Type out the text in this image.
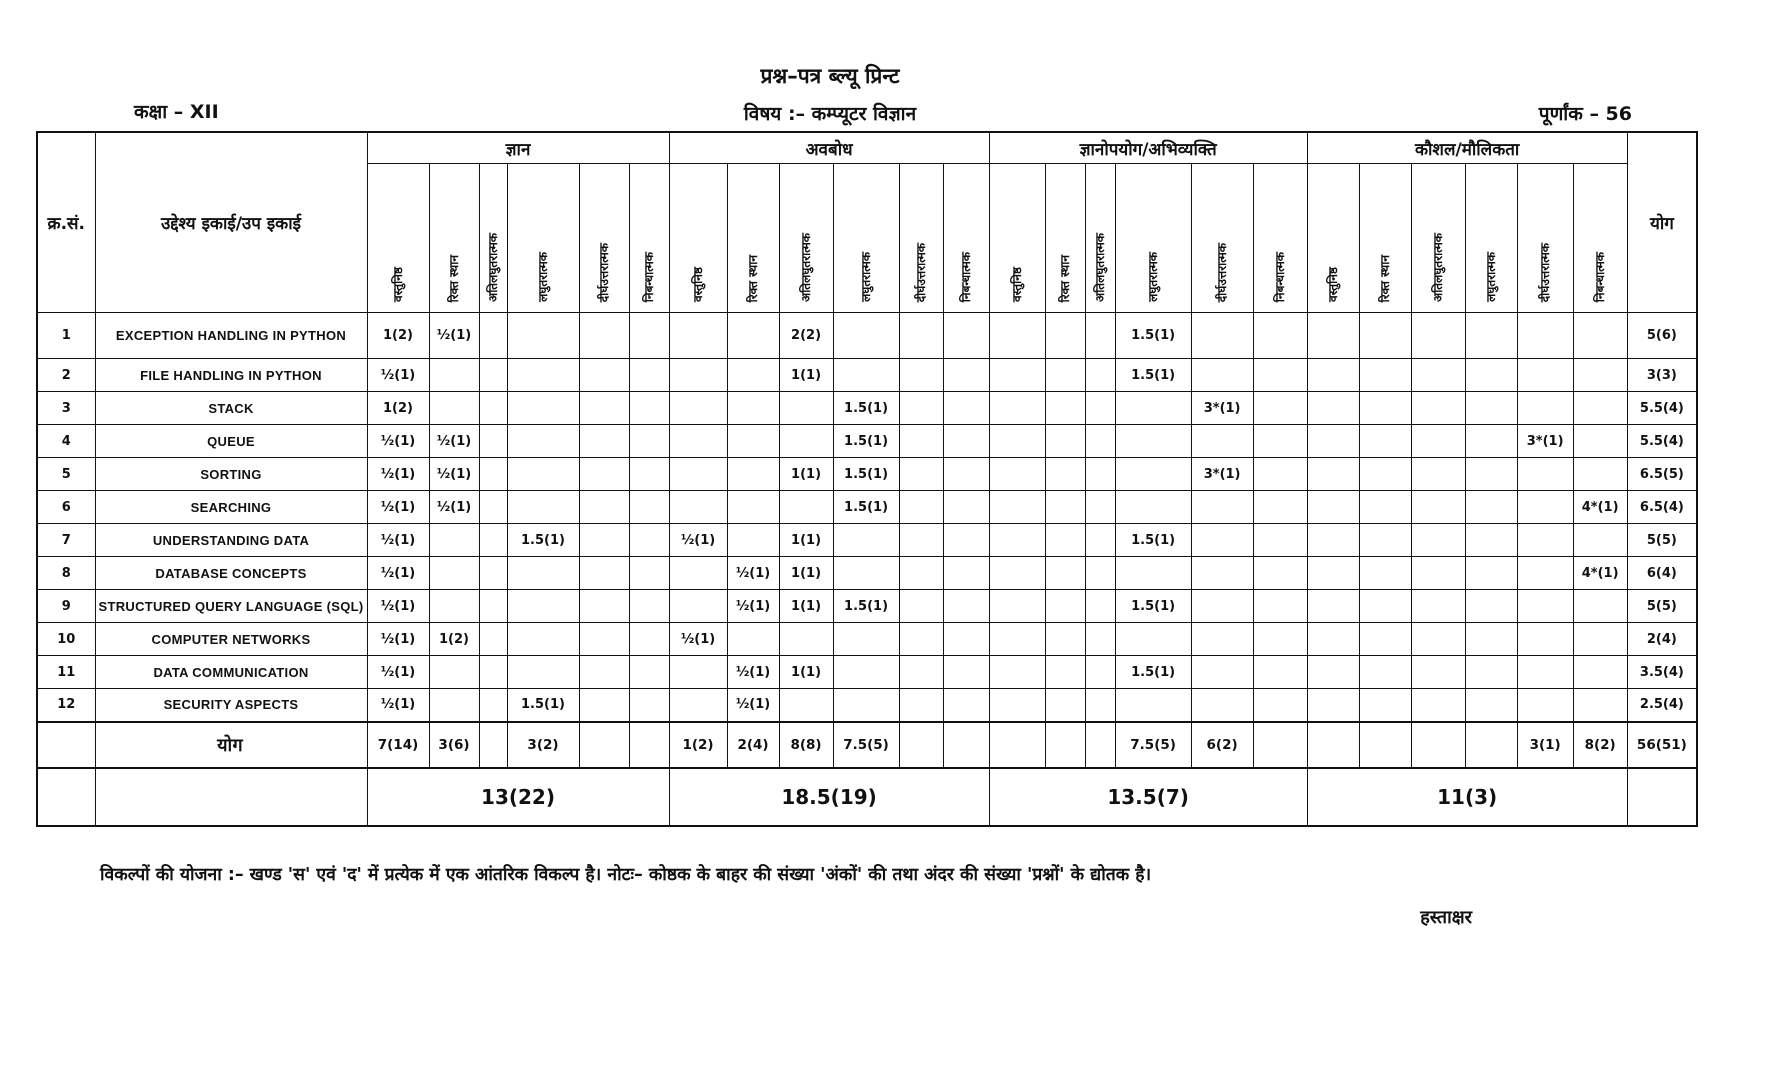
प्रश्न–पत्र ब्ल्यू प्रिन्ट
कक्षा – XII	विषय :– कम्प्यूटर विज्ञान	पूर्णांक – 56
क्र.सं.	उद्देश्य इकाई/उप इकाई	ज्ञान						अवबोध						ज्ञानोपयोग/अभिव्यक्ति						कौशल/मौलिकता						योग
		वस्तुनिष्ठ	रिक्त स्थान	अतिलघुतरात्मक	लघुतरात्मक	दीर्घउत्तरात्मक	निबन्धात्मक	वस्तुनिष्ठ	रिक्त स्थान	अतिलघुतरात्मक	लघुतरात्मक	दीर्घउत्तरात्मक	निबन्धात्मक	वस्तुनिष्ठ	रिक्त स्थान	अतिलघुतरात्मक	लघुतरात्मक	दीर्घउत्तरात्मक	निबन्धात्मक	वस्तुनिष्ठ	रिक्त स्थान	अतिलघुतरात्मक	लघुतरात्मक	दीर्घउत्तरात्मक	निबन्धात्मक	
1	EXCEPTION HANDLING IN PYTHON	1(2)	½(1)							2(2)							1.5(1)									5(6)
2	FILE HANDLING IN PYTHON	½(1)								1(1)							1.5(1)									3(3)
3	STACK	1(2)									1.5(1)							3*(1)								5.5(4)
4	QUEUE	½(1)	½(1)								1.5(1)													3*(1)		5.5(4)
5	SORTING	½(1)	½(1)							1(1)	1.5(1)							3*(1)								6.5(5)
6	SEARCHING	½(1)	½(1)								1.5(1)														4*(1)	6.5(4)
7	UNDERSTANDING DATA	½(1)			1.5(1)			½(1)		1(1)							1.5(1)									5(5)
8	DATABASE CONCEPTS	½(1)							½(1)	1(1)															4*(1)	6(4)
9	STRUCTURED QUERY LANGUAGE (SQL)	½(1)							½(1)	1(1)	1.5(1)						1.5(1)									5(5)
10	COMPUTER NETWORKS	½(1)	1(2)					½(1)																		2(4)
11	DATA COMMUNICATION	½(1)							½(1)	1(1)							1.5(1)									3.5(4)
12	SECURITY ASPECTS	½(1)			1.5(1)				½(1)																	2.5(4)
	योग	7(14)	3(6)		3(2)			1(2)	2(4)	8(8)	7.5(5)						7.5(5)	6(2)						3(1)	8(2)	56(51)
		13(22)						18.5(19)						13.5(7)						11(3)						
विकल्पों की योजना :– खण्ड 'स' एवं 'द' में प्रत्येक में एक आंतरिक विकल्प है। नोटः– कोष्ठक के बाहर की संख्या 'अंकों' की तथा अंदर की संख्या 'प्रश्नों' के द्योतक है।
हस्ताक्षर
